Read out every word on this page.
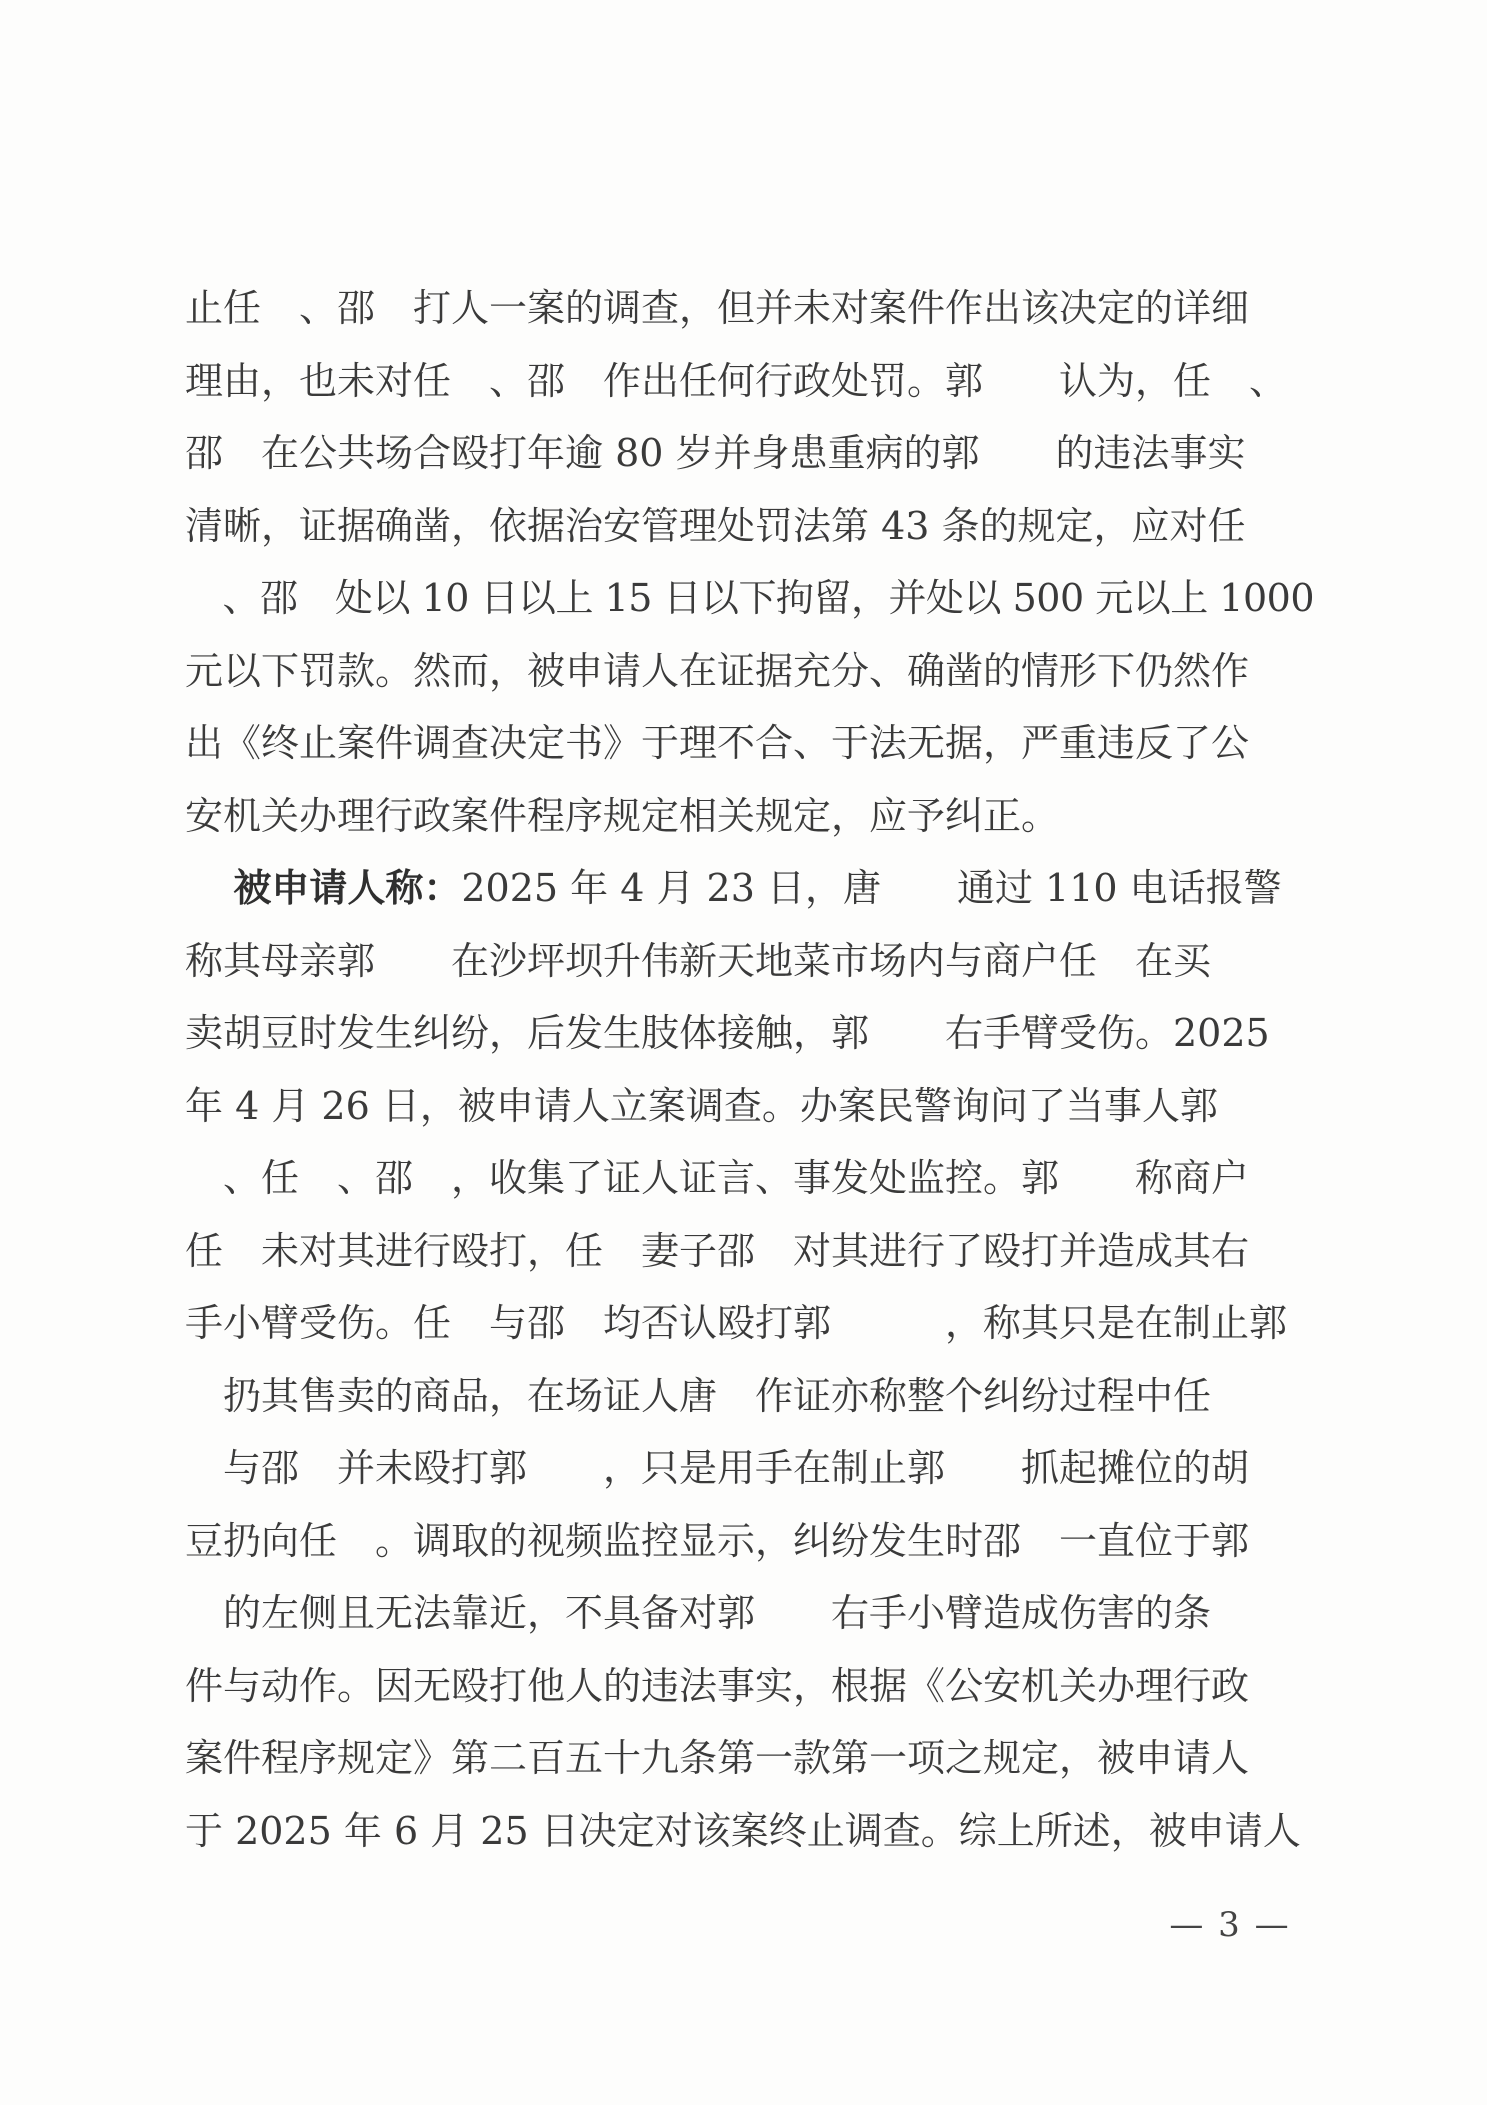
止任　、邵　打人一案的调查，但并未对案件作出该决定的详细
理由，也未对任　、邵　作出任何行政处罚。郭　　认为，任　、
邵　在公共场合殴打年逾 80 岁并身患重病的郭　　的违法事实
清晰，证据确凿，依据治安管理处罚法第 43 条的规定，应对任
　、邵　处以 10 日以上 15 日以下拘留，并处以 500 元以上 1000
元以下罚款。然而，被申请人在证据充分、确凿的情形下仍然作
出《终止案件调查决定书》于理不合、于法无据，严重违反了公
安机关办理行政案件程序规定相关规定，应予纠正。
被申请人称：2025 年 4 月 23 日，唐　　通过 110 电话报警
称其母亲郭　　在沙坪坝升伟新天地菜市场内与商户任　在买
卖胡豆时发生纠纷，后发生肢体接触，郭　　右手臂受伤。2025
年 4 月 26 日，被申请人立案调查。办案民警询问了当事人郭
　、任　、邵　，收集了证人证言、事发处监控。郭　　称商户
任　未对其进行殴打，任　妻子邵　对其进行了殴打并造成其右
手小臂受伤。任　与邵　均否认殴打郭　　　，称其只是在制止郭
　扔其售卖的商品，在场证人唐　作证亦称整个纠纷过程中任
　与邵　并未殴打郭　　，只是用手在制止郭　　抓起摊位的胡
豆扔向任　。调取的视频监控显示，纠纷发生时邵　一直位于郭
　的左侧且无法靠近，不具备对郭　　右手小臂造成伤害的条
件与动作。因无殴打他人的违法事实，根据《公安机关办理行政
案件程序规定》第二百五十九条第一款第一项之规定，被申请人
于 2025 年 6 月 25 日决定对该案终止调查。综上所述，被申请人
— 3 —
